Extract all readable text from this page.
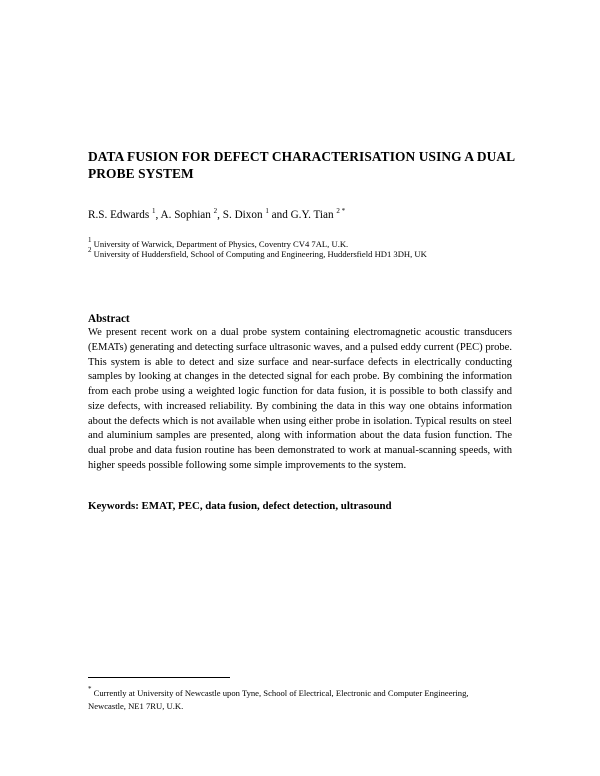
DATA FUSION FOR DEFECT CHARACTERISATION USING A DUAL PROBE SYSTEM
R.S. Edwards $^1$, A. Sophian $^2$, S. Dixon $^1$ and G.Y. Tian $^{2 *}$
$^1$ University of Warwick, Department of Physics, Coventry CV4 7AL, U.K.
$^2$ University of Huddersfield, School of Computing and Engineering, Huddersfield HD1 3DH, UK
Abstract
We present recent work on a dual probe system containing electromagnetic acoustic transducers (EMATs) generating and detecting surface ultrasonic waves, and a pulsed eddy current (PEC) probe. This system is able to detect and size surface and near-surface defects in electrically conducting samples by looking at changes in the detected signal for each probe. By combining the information from each probe using a weighted logic function for data fusion, it is possible to both classify and size defects, with increased reliability. By combining the data in this way one obtains information about the defects which is not available when using either probe in isolation. Typical results on steel and aluminium samples are presented, along with information about the data fusion function. The dual probe and data fusion routine has been demonstrated to work at manual-scanning speeds, with higher speeds possible following some simple improvements to the system.
Keywords: EMAT, PEC, data fusion, defect detection, ultrasound
* Currently at University of Newcastle upon Tyne, School of Electrical, Electronic and Computer Engineering, Newcastle, NE1 7RU, U.K.
